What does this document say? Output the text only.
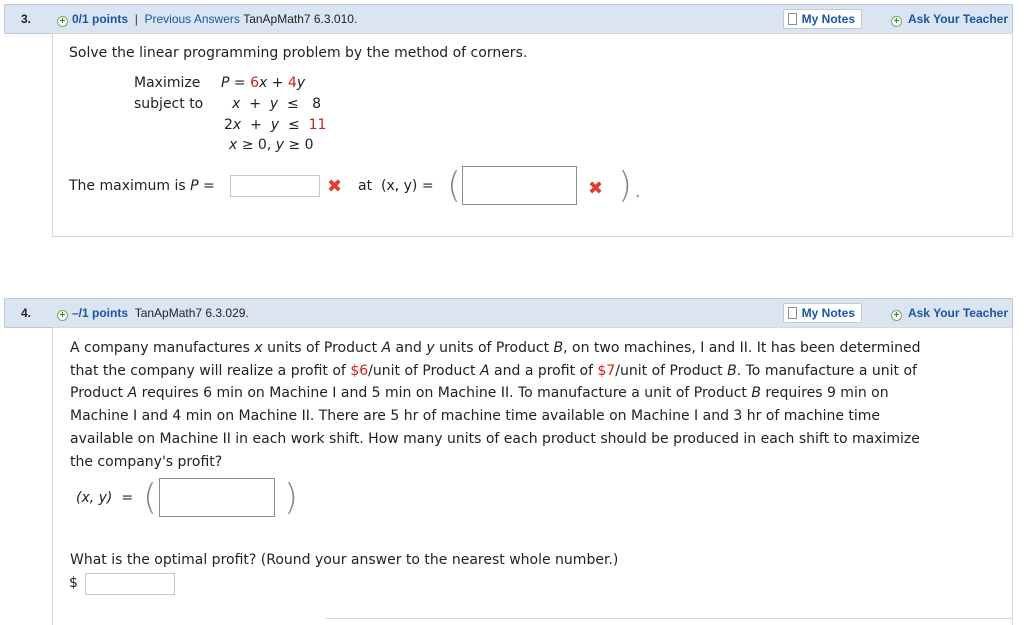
3.	+ 0/1 points | Previous Answers TanApMath7 6.3.010.	My Notes	+ Ask Your Teacher
Solve the linear programming problem by the method of corners.
Maximize P = 6x + 4y
subject to x + y ≤ 8
2x + y ≤ 11
x ≥ 0, y ≥ 0
The maximum is P =	✖ at (x, y) = (	✖ ).
4.	+ –/1 points TanApMath7 6.3.029.	My Notes	+ Ask Your Teacher
A company manufactures x units of Product A and y units of Product B, on two machines, I and II. It has been determined
that the company will realize a profit of $6/unit of Product A and a profit of $7/unit of Product B. To manufacture a unit of
Product A requires 6 min on Machine I and 5 min on Machine II. To manufacture a unit of Product B requires 9 min on
Machine I and 4 min on Machine II. There are 5 hr of machine time available on Machine I and 3 hr of machine time
available on Machine II in each work shift. How many units of each product should be produced in each shift to maximize
the company's profit?
(x, y) = (	)
What is the optimal profit? (Round your answer to the nearest whole number.)
$
